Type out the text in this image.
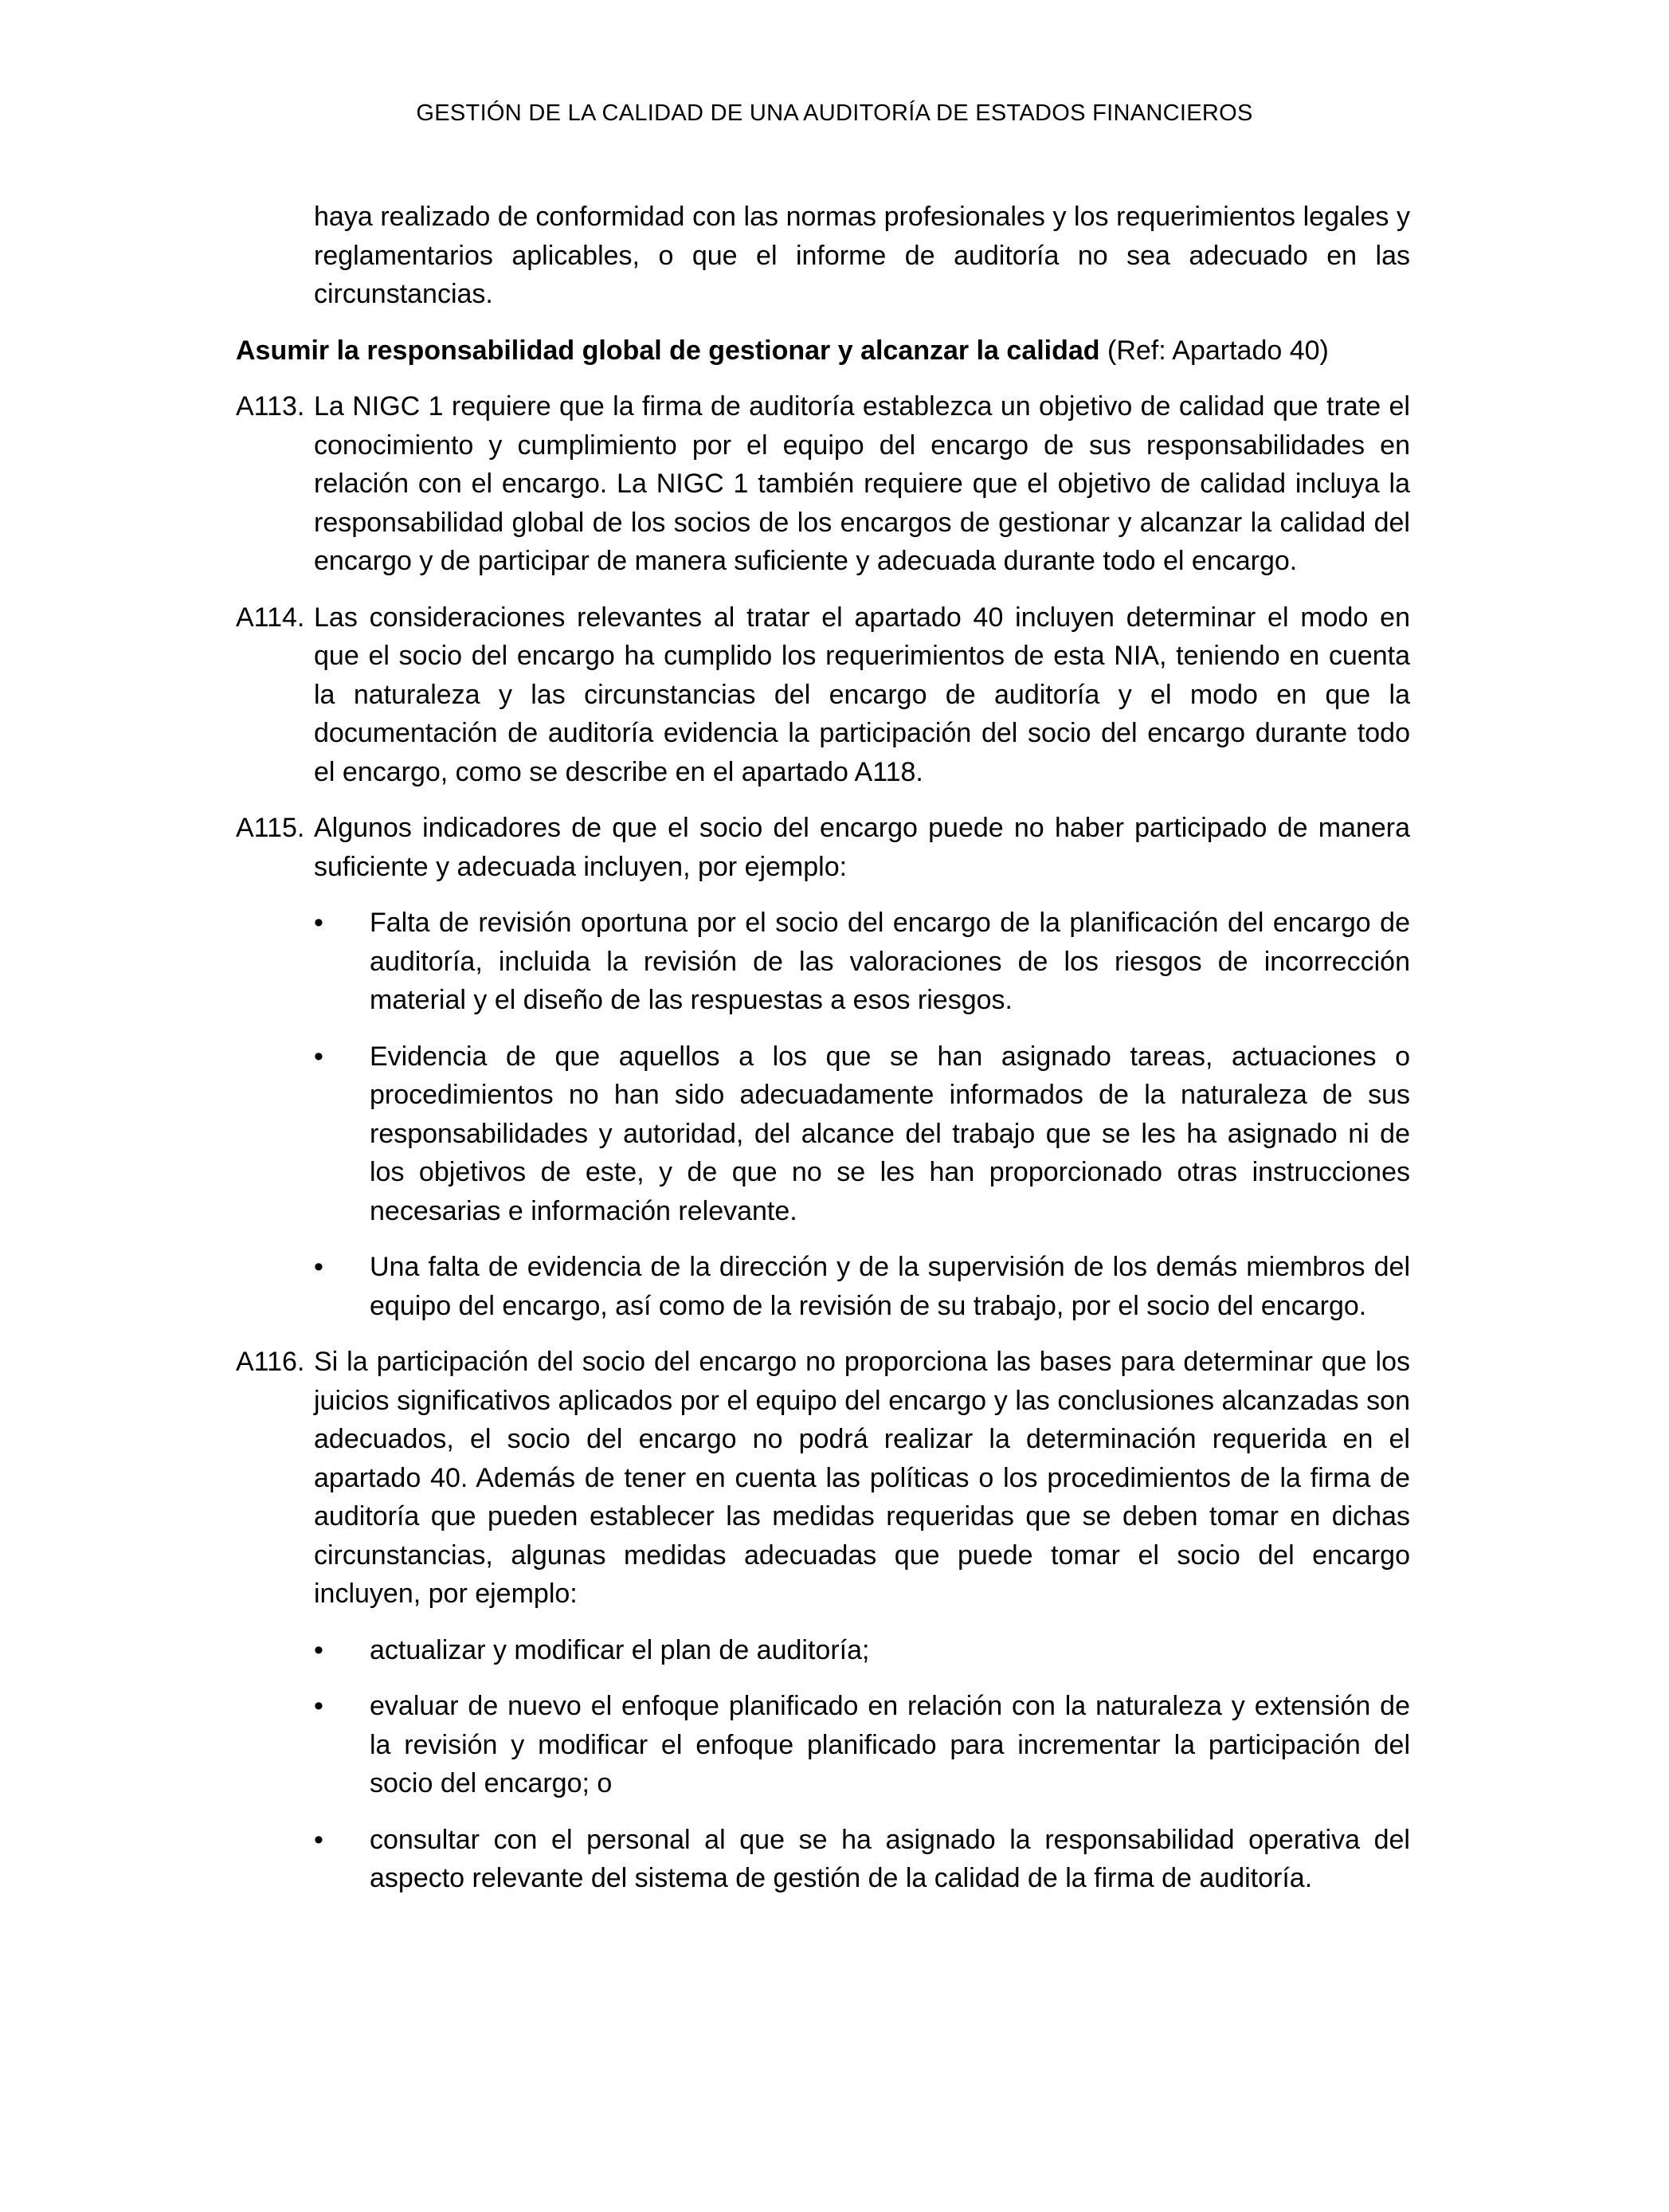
GESTIÓN DE LA CALIDAD DE UNA AUDITORÍA DE ESTADOS FINANCIEROS
haya realizado de conformidad con las normas profesionales y los requerimientos legales y reglamentarios aplicables, o que el informe de auditoría no sea adecuado en las circunstancias.
Asumir la responsabilidad global de gestionar y alcanzar la calidad (Ref: Apartado 40)
A113. La NIGC 1 requiere que la firma de auditoría establezca un objetivo de calidad que trate el conocimiento y cumplimiento por el equipo del encargo de sus responsabilidades en relación con el encargo. La NIGC 1 también requiere que el objetivo de calidad incluya la responsabilidad global de los socios de los encargos de gestionar y alcanzar la calidad del encargo y de participar de manera suficiente y adecuada durante todo el encargo.
A114. Las consideraciones relevantes al tratar el apartado 40 incluyen determinar el modo en que el socio del encargo ha cumplido los requerimientos de esta NIA, teniendo en cuenta la naturaleza y las circunstancias del encargo de auditoría y el modo en que la documentación de auditoría evidencia la participación del socio del encargo durante todo el encargo, como se describe en el apartado A118.
A115. Algunos indicadores de que el socio del encargo puede no haber participado de manera suficiente y adecuada incluyen, por ejemplo:
•	Falta de revisión oportuna por el socio del encargo de la planificación del encargo de auditoría, incluida la revisión de las valoraciones de los riesgos de incorrección material y el diseño de las respuestas a esos riesgos.
•	Evidencia de que aquellos a los que se han asignado tareas, actuaciones o procedimientos no han sido adecuadamente informados de la naturaleza de sus responsabilidades y autoridad, del alcance del trabajo que se les ha asignado ni de los objetivos de este, y de que no se les han proporcionado otras instrucciones necesarias e información relevante.
•	Una falta de evidencia de la dirección y de la supervisión de los demás miembros del equipo del encargo, así como de la revisión de su trabajo, por el socio del encargo.
A116. Si la participación del socio del encargo no proporciona las bases para determinar que los juicios significativos aplicados por el equipo del encargo y las conclusiones alcanzadas son adecuados, el socio del encargo no podrá realizar la determinación requerida en el apartado 40. Además de tener en cuenta las políticas o los procedimientos de la firma de auditoría que pueden establecer las medidas requeridas que se deben tomar en dichas circunstancias, algunas medidas adecuadas que puede tomar el socio del encargo incluyen, por ejemplo:
•	actualizar y modificar el plan de auditoría;
•	evaluar de nuevo el enfoque planificado en relación con la naturaleza y extensión de la revisión y modificar el enfoque planificado para incrementar la participación del socio del encargo; o
•	consultar con el personal al que se ha asignado la responsabilidad operativa del aspecto relevante del sistema de gestión de la calidad de la firma de auditoría.
